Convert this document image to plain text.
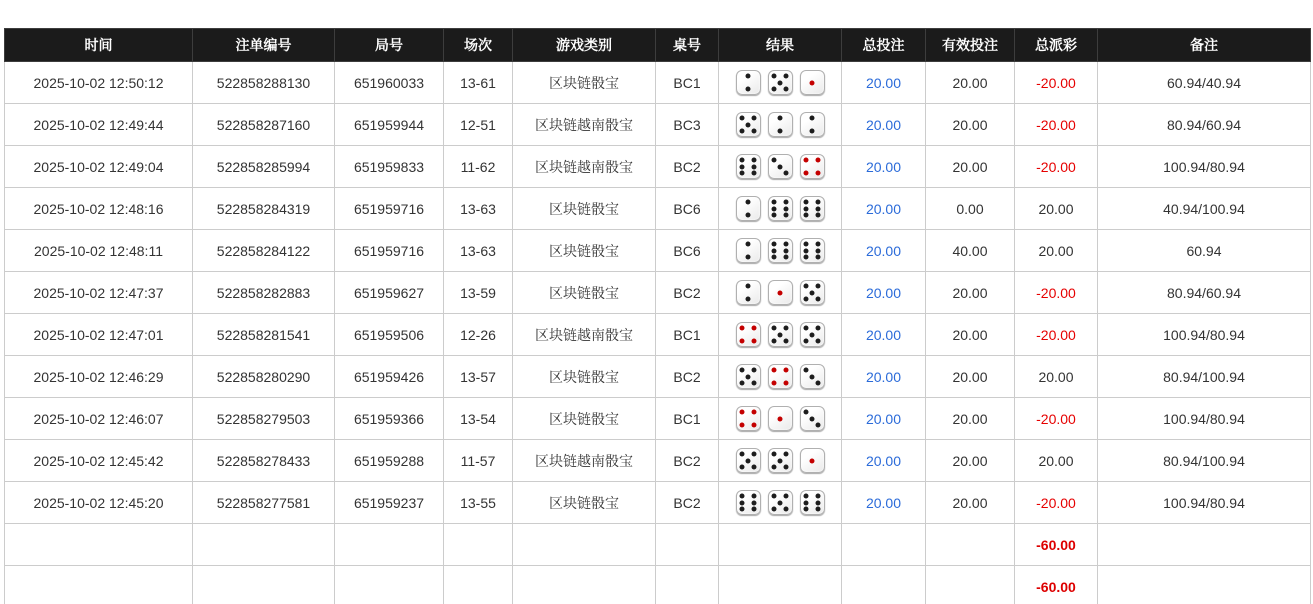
时间	注单编号	局号	场次	游戏类别	桌号	结果	总投注	有效投注	总派彩	备注
2025-10-02 12:50:12	522858288130	651960033	13-61	区块链骰宝	BC1		20.00	20.00	-20.00	60.94/40.94
2025-10-02 12:49:44	522858287160	651959944	12-51	区块链越南骰宝	BC3		20.00	20.00	-20.00	80.94/60.94
2025-10-02 12:49:04	522858285994	651959833	11-62	区块链越南骰宝	BC2		20.00	20.00	-20.00	100.94/80.94
2025-10-02 12:48:16	522858284319	651959716	13-63	区块链骰宝	BC6		20.00	0.00	20.00	40.94/100.94
2025-10-02 12:48:11	522858284122	651959716	13-63	区块链骰宝	BC6		20.00	40.00	20.00	60.94
2025-10-02 12:47:37	522858282883	651959627	13-59	区块链骰宝	BC2		20.00	20.00	-20.00	80.94/60.94
2025-10-02 12:47:01	522858281541	651959506	12-26	区块链越南骰宝	BC1		20.00	20.00	-20.00	100.94/80.94
2025-10-02 12:46:29	522858280290	651959426	13-57	区块链骰宝	BC2		20.00	20.00	20.00	80.94/100.94
2025-10-02 12:46:07	522858279503	651959366	13-54	区块链骰宝	BC1		20.00	20.00	-20.00	100.94/80.94
2025-10-02 12:45:42	522858278433	651959288	11-57	区块链越南骰宝	BC2		20.00	20.00	20.00	80.94/100.94
2025-10-02 12:45:20	522858277581	651959237	13-55	区块链骰宝	BC2		20.00	20.00	-20.00	100.94/80.94
小计	11						220.00	220.00	-60.00	
总计	11						220.00	220.00	-60.00	
